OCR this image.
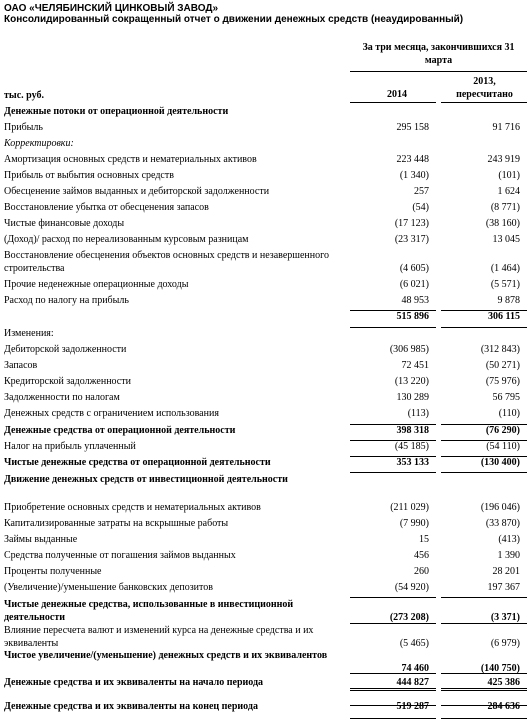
ОАО «ЧЕЛЯБИНСКИЙ ЦИНКОВЫЙ ЗАВОД»
Консолидированный сокращенный отчет о движении денежных средств (неаудированный)
За три месяца, закончившихся 31 марта
2014
2013,
пересчитано
тыс. руб.
Денежные потоки от операционной деятельности
Прибыль	295 158	91 716
Корректировки:
Амортизация основных средств и нематериальных активов	223 448	243 919
Прибыль от выбытия основных средств	(1 340)	(101)
Обесценение займов выданных и дебиторской задолженности	257	1 624
Восстановление убытка от обесценения запасов	(54)	(8 771)
Чистые финансовые доходы	(17 123)	(38 160)
(Доход)/ расход по нереализованным курсовым разницам	(23 317)	13 045
Восстановление обесценения объектов основных средств и незавершенного строительства	(4 605)	(1 464)
Прочие неденежные операционные доходы	(6 021)	(5 571)
Расход по налогу на прибыль	48 953	9 878
515 896	306 115
Изменения:
Дебиторской задолженности	(306 985)	(312 843)
Запасов	72 451	(50 271)
Кредиторской задолженности	(13 220)	(75 976)
Задолженности по налогам	130 289	56 795
Денежных средств с ограничением использования	(113)	(110)
Денежные средства от операционной деятельности	398 318	(76 290)
Налог на прибыль уплаченный	(45 185)	(54 110)
Чистые денежные средства от операционной деятельности	353 133	(130 400)
Движение денежных средств от инвестиционной деятельности
Приобретение основных средств и нематериальных активов	(211 029)	(196 046)
Капитализированные затраты на вскрышные работы	(7 990)	(33 870)
Займы выданные	15	(413)
Средства полученные от погашения займов выданных	456	1 390
Проценты полученные	260	28 201
(Увеличение)/уменьшение банковских депозитов	(54 920)	197 367
Чистые денежные средства, использованные в инвестиционной деятельности	(273 208)	(3 371)
Влияние пересчета валют и изменений курса на денежные средства и их эквиваленты	(5 465)	(6 979)
Чистое увеличение/(уменьшение) денежных средств и их эквивалентов
74 460	(140 750)
Денежные средства и их эквиваленты на начало периода	444 827	425 386
Денежные средства и их эквиваленты на конец периода	519 287	284 636
